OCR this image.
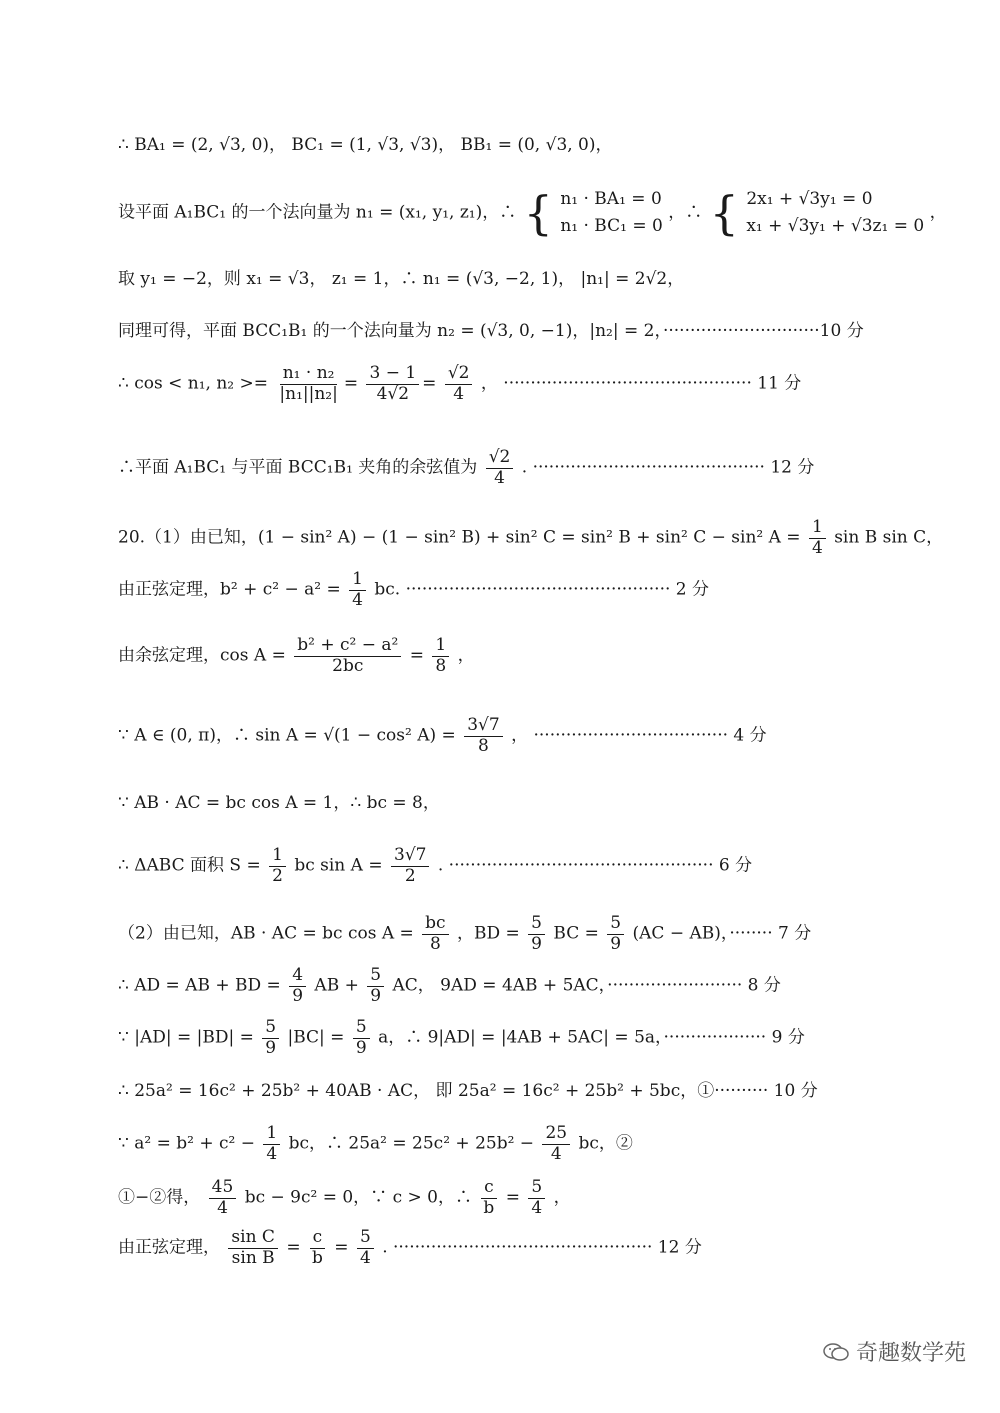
∴ BA₁ = (2, √3, 0)， BC₁ = (1, √3, √3)， BB₁ = (0, √3, 0)，
设平面 A₁BC₁ 的一个法向量为 n₁ = (x₁, y₁, z₁)，∴ { n₁ · BA₁ = 0
n₁ · BC₁ = 0
，∴ { 2x₁ + √3y₁ = 0
x₁ + √3y₁ + √3z₁ = 0
，
取 y₁ = −2，则 x₁ = √3， z₁ = 1，∴ n₁ = (√3, −2, 1)， |n₁| = 2√2，
同理可得，平面 BCC₁B₁ 的一个法向量为 n₂ = (√3, 0, −1)，|n₂| = 2，·····························10 分
∴ cos < n₁, $n_2 >= \frac{\text{n₁ · n₂}}{\text{|n₁||n₂|}} = \frac{3 - 1}{4√2} = \frac{√2}{4}$ ， ·············································· 11 分
∴平面 A₁BC₁ 与平面 BCC₁B₁ 夹角的余弦值为 $\frac{√2}{4}$ . ··········································· 12 分
20.（1）由已知，(1 − sin² A) − (1 − sin² B) + sin² C = sin² B + sin² C − sin² $A = \frac{1}{4}$ sin B sin C，
由正弦定理，$b^2 + c^2 - a^2 = \frac{1}{4}$ bc. ················································· 2 分
由余弦定理，$\cos A = \frac{\text{b² + c² − a²}}{2bc} = \frac{1}{8}$ ，
∵ A ∈ (0, π)，∴ sin A = √(1 − cos² $A) = \frac{3√7}{8}$ ， ···································· 4 分
∵ AB · AC = bc cos A = 1，∴ bc = 8，
∴ ΔABC 面积 $S = \frac{1}{2}$ bc $\sin A = \frac{3√7}{2}$ . ················································· 6 分
（2）由已知，AB · AC = bc $\cos A = \frac{bc}{8}$ ，BD = $\frac{5}{9}$ BC = $\frac{5}{9} (AC - AB)$，········ 7 分
∴ AD = AB + BD = $\frac{4}{9}$ AB + $\frac{5}{9}$ AC， 9AD = 4AB + 5AC，························· 8 分
∵ $|AD| = |BD| = \frac{5}{9} |BC| = \frac{5}{9}$ a，∴ 9|AD| = |4AB + 5AC| = 5a，··················· 9 分
∴ 25a² = 16c² + 25b² + 40AB · AC， 即 25a² = 16c² + 25b² + 5bc，①·········· 10 分
∵ $a^2 = b^2 + c^2 - \frac{1}{4}$ bc，∴ $25a^2 = 25c^2 + 25b^2 - \frac{25}{4}$ bc，②
①−②得， $\frac{45}{4}$ bc − 9c² = 0，∵ c > 0，∴ $\frac{c}{b} = \frac{5}{4}$ ，
由正弦定理， $\frac{\text{sin C}}{\text{sin B}} = \frac{c}{b} = \frac{5}{4}$ . ················································ 12 分
奇趣数学苑
